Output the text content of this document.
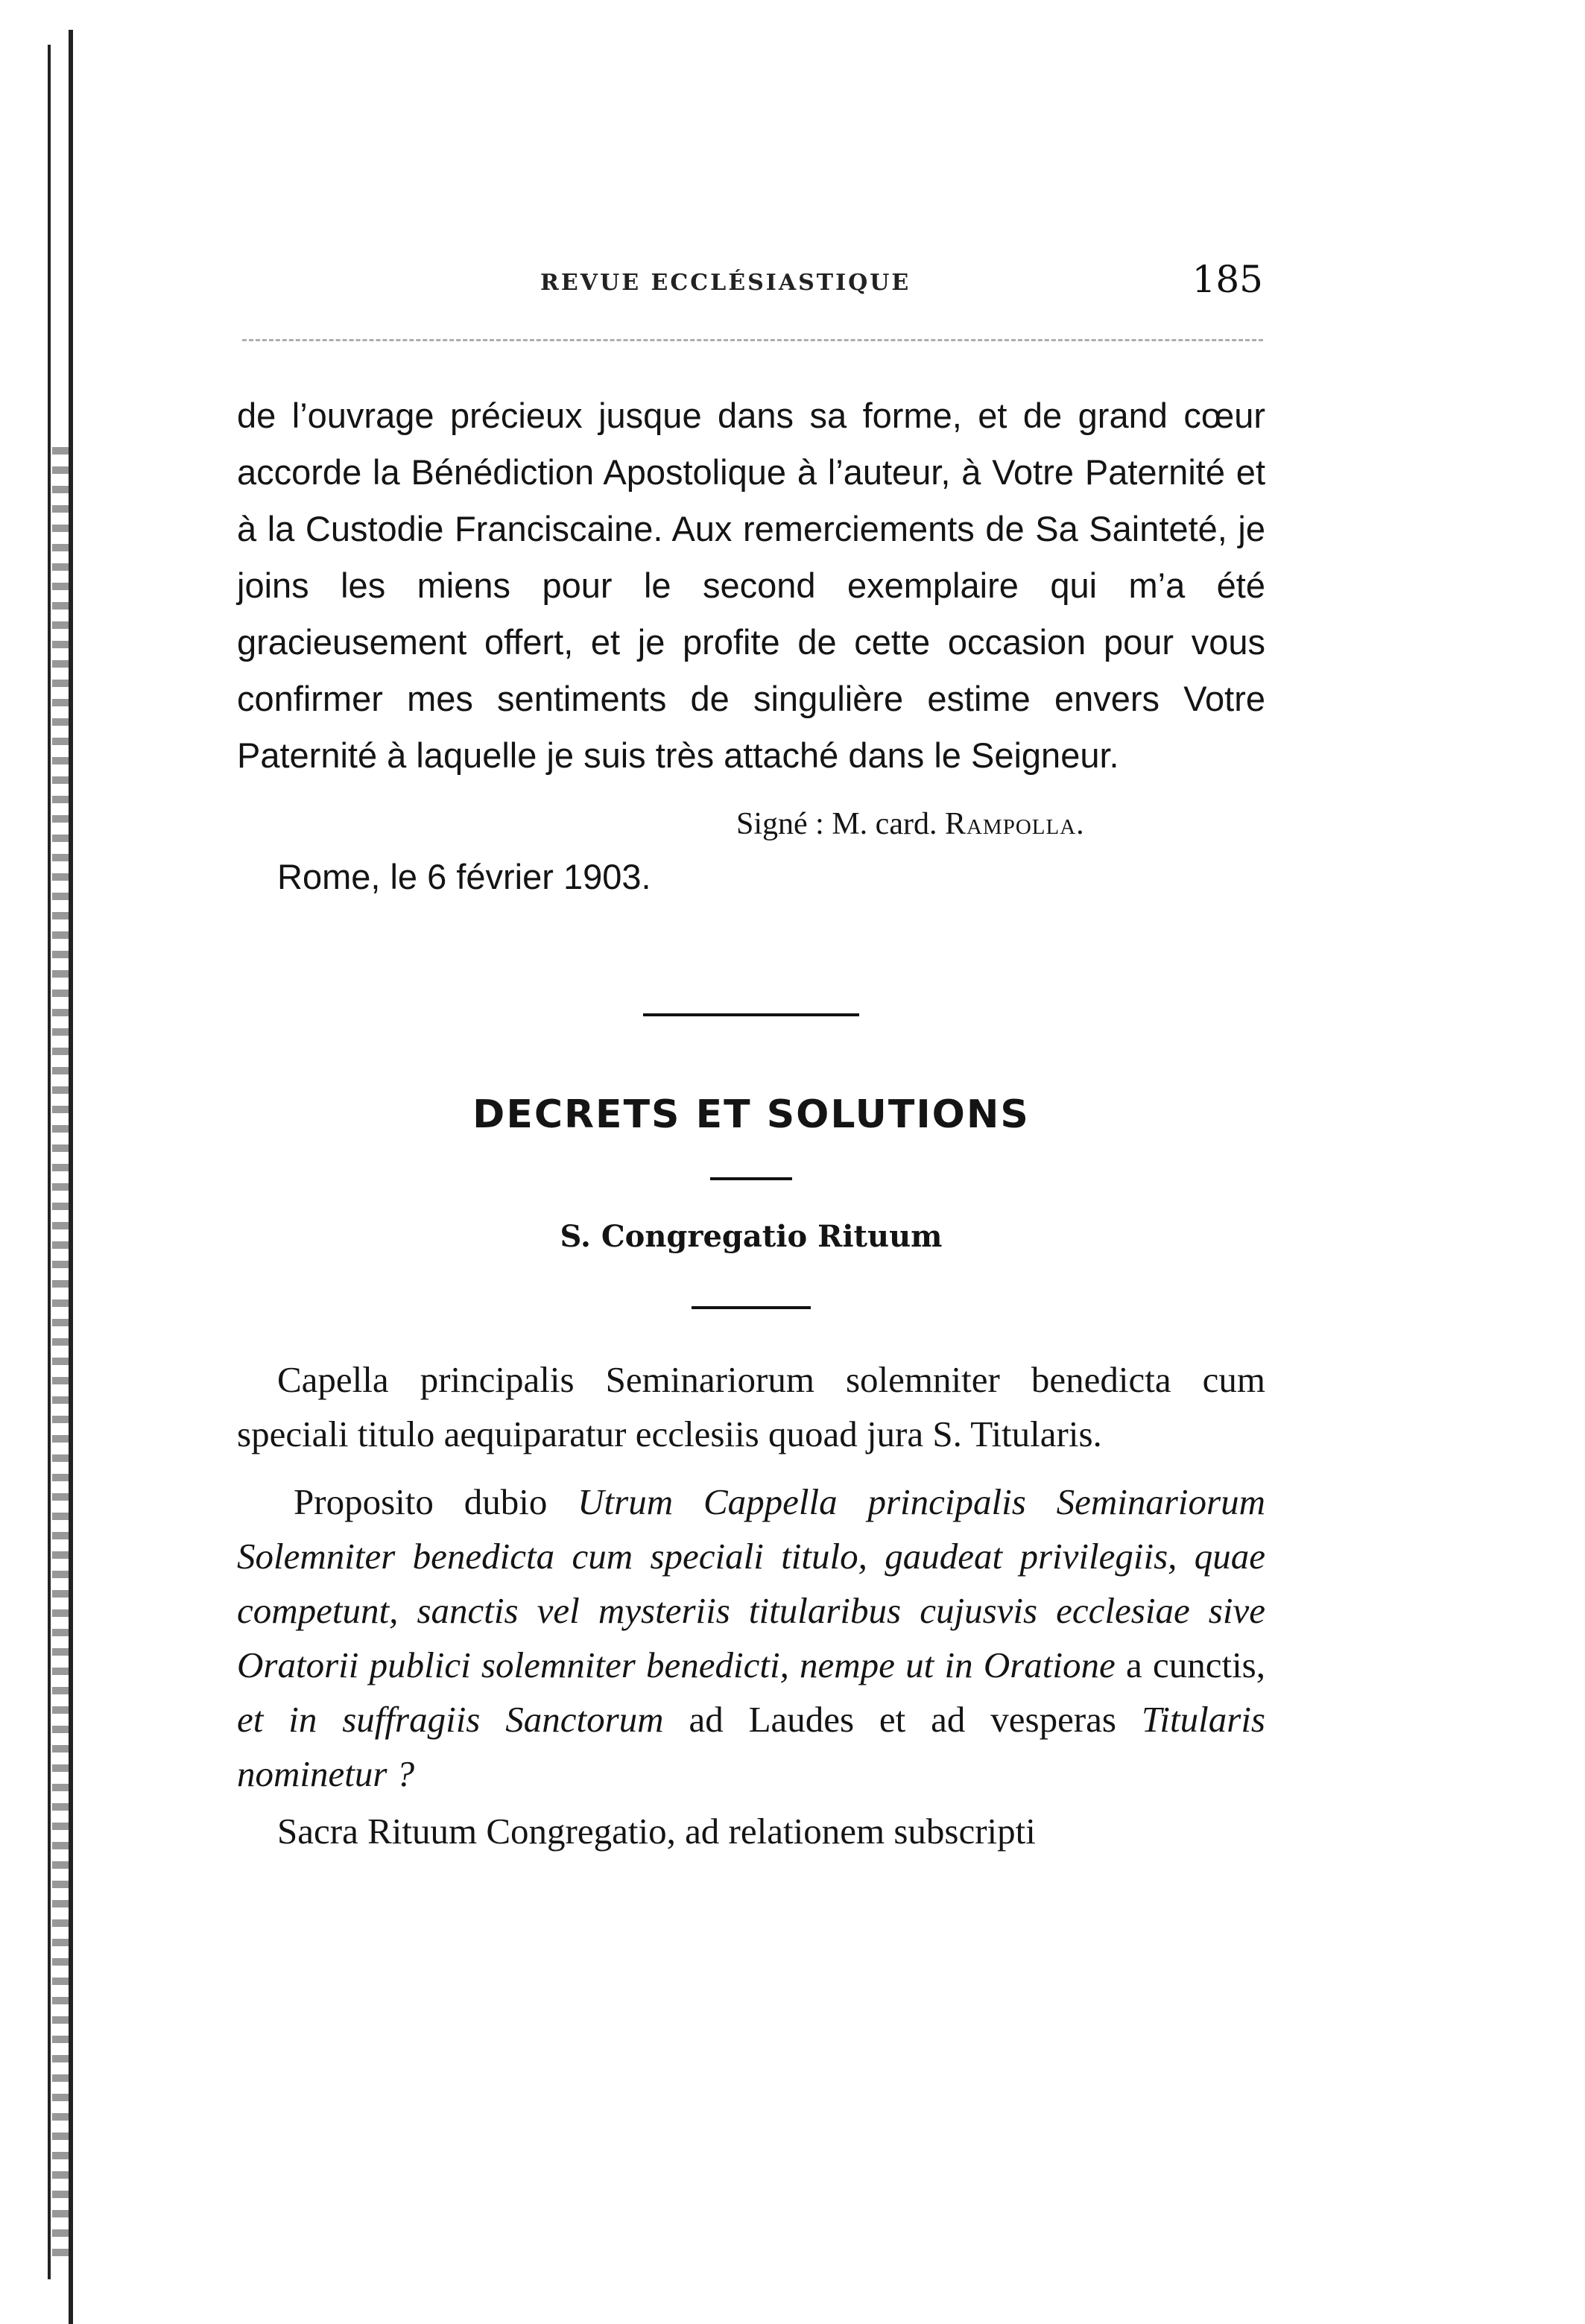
REVUE ECCLÉSIASTIQUE	185

de l’ouvrage précieux jusque dans sa forme, et de grand cœur accorde la Bénédiction Apostolique à l’auteur, à Votre Paternité et à la Custodie Franciscaine. Aux remerciements de Sa Sainteté, je joins les miens pour le second exemplaire qui m’a été gracieusement offert, et je profite de cette occasion pour vous confirmer mes sentiments de singulière estime envers Votre Paternité à laquelle je suis très attaché dans le Seigneur.

Signé : M. card. Rampolla.

Rome, le 6 février 1903.

DECRETS ET SOLUTIONS
S. Congregatio Rituum

Capella principalis Seminariorum solemniter benedicta cum speciali titulo aequiparatur ecclesiis quoad jura S. Titularis.

Proposito dubio Utrum Cappella principalis Seminariorum Solemniter benedicta cum speciali titulo, gaudeat privilegiis, quae competunt, sanctis vel mysteriis titularibus cujusvis ecclesiae sive Oratorii publici solemniter benedicti, nempe ut in Oratione a cunctis, et in suffragiis Sanctorum ad Laudes et ad vesperas Titularis nominetur ?

Sacra Rituum Congregatio, ad relationem subscripti
